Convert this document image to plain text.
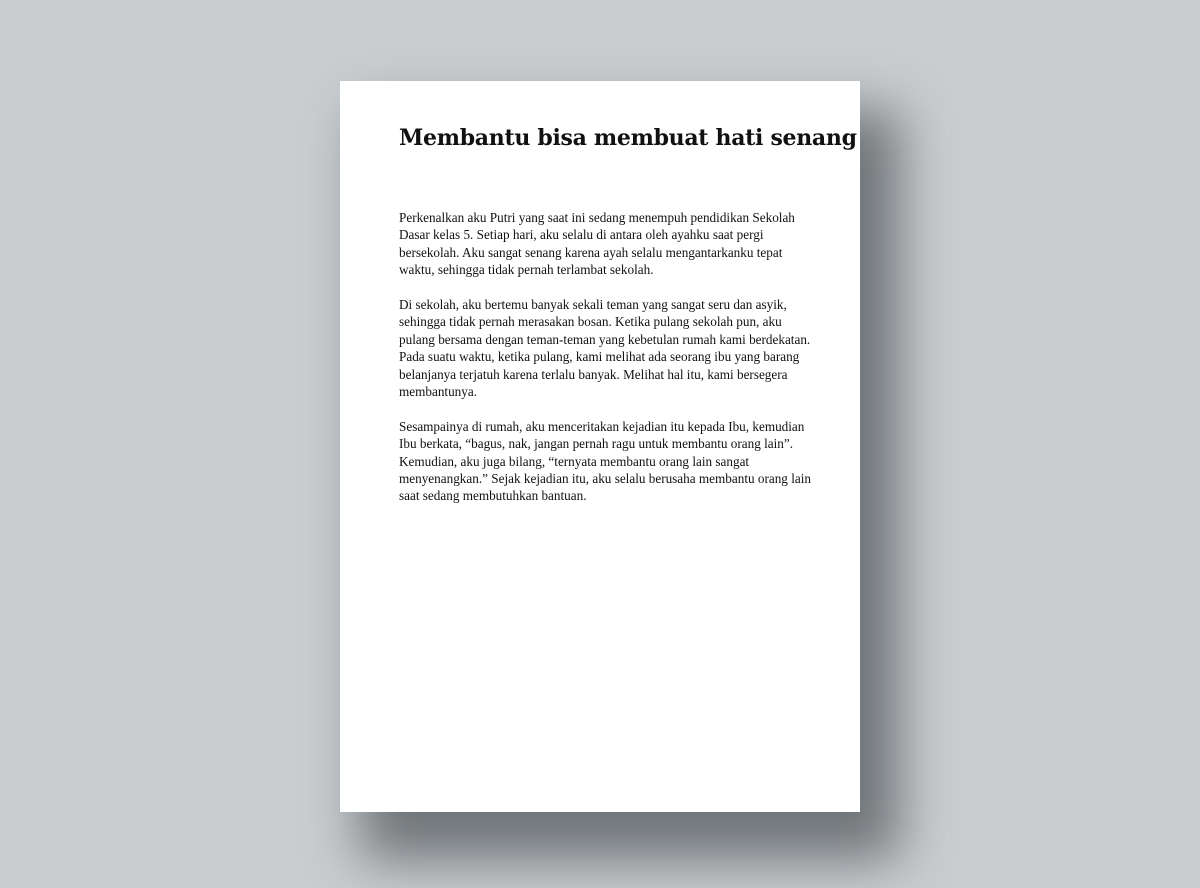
Membantu bisa membuat hati senang

Perkenalkan aku Putri yang saat ini sedang menempuh pendidikan Sekolah Dasar kelas 5. Setiap hari, aku selalu di antara oleh ayahku saat pergi bersekolah. Aku sangat senang karena ayah selalu mengantarkanku tepat waktu, sehingga tidak pernah terlambat sekolah.

Di sekolah, aku bertemu banyak sekali teman yang sangat seru dan asyik, sehingga tidak pernah merasakan bosan. Ketika pulang sekolah pun, aku pulang bersama dengan teman-teman yang kebetulan rumah kami berdekatan. Pada suatu waktu, ketika pulang, kami melihat ada seorang ibu yang barang belanjanya terjatuh karena terlalu banyak. Melihat hal itu, kami bersegera membantunya.

Sesampainya di rumah, aku menceritakan kejadian itu kepada Ibu, kemudian Ibu berkata, “bagus, nak, jangan pernah ragu untuk membantu orang lain”. Kemudian, aku juga bilang, “ternyata membantu orang lain sangat menyenangkan.” Sejak kejadian itu, aku selalu berusaha membantu orang lain saat sedang membutuhkan bantuan.
